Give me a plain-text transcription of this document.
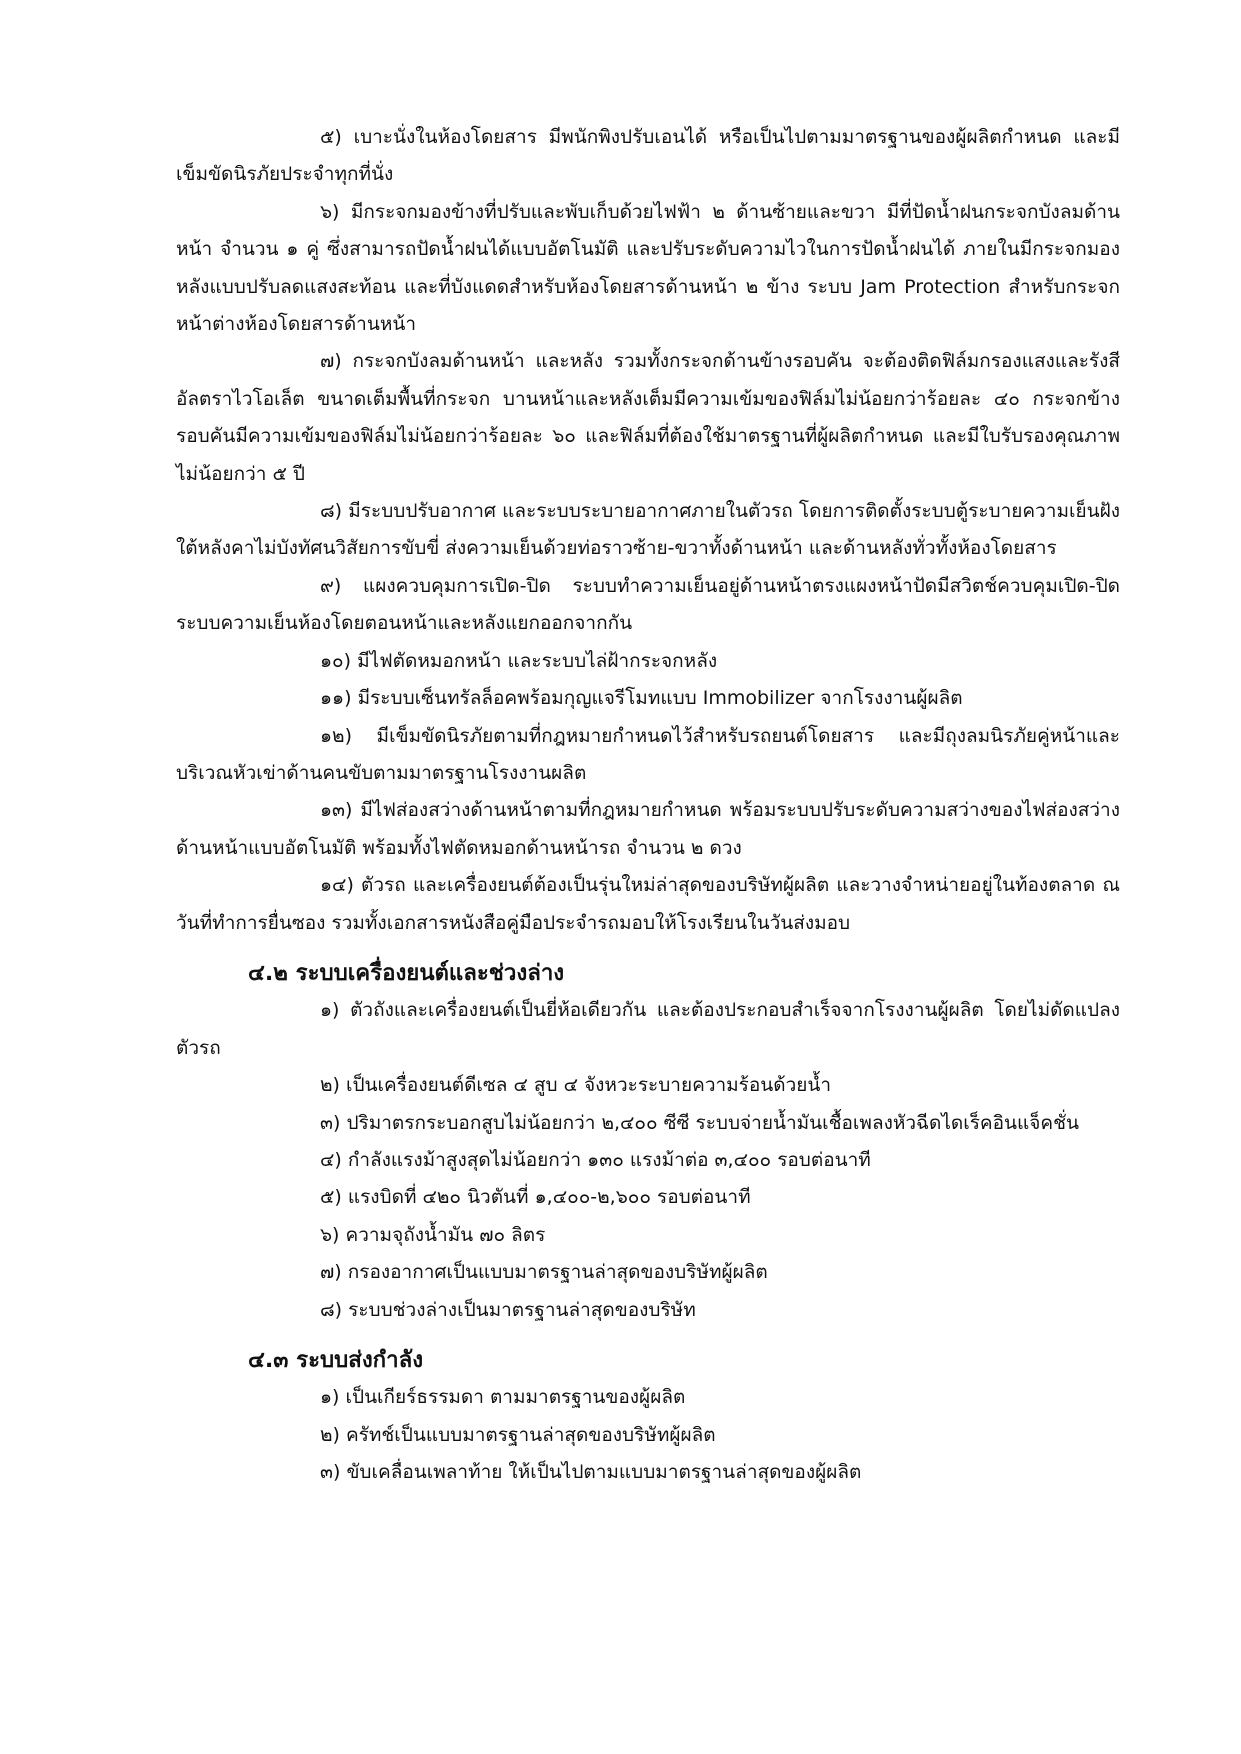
๕) เบาะนั่งในห้องโดยสาร มีพนักพิงปรับเอนได้ หรือเป็นไปตามมาตรฐานของผู้ผลิตกำหนด และมีเข็มขัดนิรภัยประจำทุกที่นั่ง

๖) มีกระจกมองข้างที่ปรับและพับเก็บด้วยไฟฟ้า ๒ ด้านซ้ายและขวา มีที่ปัดน้ำฝนกระจกบังลมด้านหน้า จำนวน ๑ คู่ ซึ่งสามารถปัดน้ำฝนได้แบบอัตโนมัติ และปรับระดับความไวในการปัดน้ำฝนได้ ภายในมีกระจกมองหลังแบบปรับลดแสงสะท้อน และที่บังแดดสำหรับห้องโดยสารด้านหน้า ๒ ข้าง ระบบ Jam Protection สำหรับกระจกหน้าต่างห้องโดยสารด้านหน้า

๗) กระจกบังลมด้านหน้า และหลัง รวมทั้งกระจกด้านข้างรอบคัน จะต้องติดฟิล์มกรองแสงและรังสีอัลตราไวโอเล็ต ขนาดเต็มพื้นที่กระจก บานหน้าและหลังเต็มมีความเข้มของฟิล์มไม่น้อยกว่าร้อยละ ๔๐ กระจกข้างรอบคันมีความเข้มของฟิล์มไม่น้อยกว่าร้อยละ ๖๐ และฟิล์มที่ต้องใช้มาตรฐานที่ผู้ผลิตกำหนด และมีใบรับรองคุณภาพไม่น้อยกว่า ๕ ปี

๘) มีระบบปรับอากาศ และระบบระบายอากาศภายในตัวรถ โดยการติดตั้งระบบตู้ระบายความเย็นฝังใต้หลังคาไม่บังทัศนวิสัยการขับขี่ ส่งความเย็นด้วยท่อราวซ้าย-ขวาทั้งด้านหน้า และด้านหลังทั่วทั้งห้องโดยสาร

๙) แผงควบคุมการเปิด-ปิด ระบบทำความเย็นอยู่ด้านหน้าตรงแผงหน้าปัดมีสวิตช์ควบคุมเปิด-ปิดระบบความเย็นห้องโดยตอนหน้าและหลังแยกออกจากกัน

๑๐) มีไฟตัดหมอกหน้า และระบบไล่ฝ้ากระจกหลัง

๑๑) มีระบบเซ็นทรัลล็อคพร้อมกุญแจรีโมทแบบ Immobilizer จากโรงงานผู้ผลิต

๑๒) มีเข็มขัดนิรภัยตามที่กฎหมายกำหนดไว้สำหรับรถยนต์โดยสาร และมีถุงลมนิรภัยคู่หน้าและบริเวณหัวเข่าด้านคนขับตามมาตรฐานโรงงานผลิต

๑๓) มีไฟส่องสว่างด้านหน้าตามที่กฎหมายกำหนด พร้อมระบบปรับระดับความสว่างของไฟส่องสว่างด้านหน้าแบบอัตโนมัติ พร้อมทั้งไฟตัดหมอกด้านหน้ารถ จำนวน ๒ ดวง

๑๔) ตัวรถ และเครื่องยนต์ต้องเป็นรุ่นใหม่ล่าสุดของบริษัทผู้ผลิต และวางจำหน่ายอยู่ในท้องตลาด ณ วันที่ทำการยื่นซอง รวมทั้งเอกสารหนังสือคู่มือประจำรถมอบให้โรงเรียนในวันส่งมอบ

๔.๒ ระบบเครื่องยนต์และช่วงล่าง

๑) ตัวถังและเครื่องยนต์เป็นยี่ห้อเดียวกัน และต้องประกอบสำเร็จจากโรงงานผู้ผลิต โดยไม่ดัดแปลงตัวรถ

๒) เป็นเครื่องยนต์ดีเซล ๔ สูบ ๔ จังหวะระบายความร้อนด้วยน้ำ

๓) ปริมาตรกระบอกสูบไม่น้อยกว่า ๒,๔๐๐ ซีซี ระบบจ่ายน้ำมันเชื้อเพลงหัวฉีดไดเร็คอินแจ็คชั่น

๔) กำลังแรงม้าสูงสุดไม่น้อยกว่า ๑๓๐ แรงม้าต่อ ๓,๔๐๐ รอบต่อนาที

๕) แรงบิดที่ ๔๒๐ นิวตันที่ ๑,๔๐๐-๒,๖๐๐ รอบต่อนาที

๖) ความจุถังน้ำมัน ๗๐ ลิตร

๗) กรองอากาศเป็นแบบมาตรฐานล่าสุดของบริษัทผู้ผลิต

๘) ระบบช่วงล่างเป็นมาตรฐานล่าสุดของบริษัท

๔.๓ ระบบส่งกำลัง

๑) เป็นเกียร์ธรรมดา ตามมาตรฐานของผู้ผลิต

๒) ครัทช์เป็นแบบมาตรฐานล่าสุดของบริษัทผู้ผลิต

๓) ขับเคลื่อนเพลาท้าย ให้เป็นไปตามแบบมาตรฐานล่าสุดของผู้ผลิต
